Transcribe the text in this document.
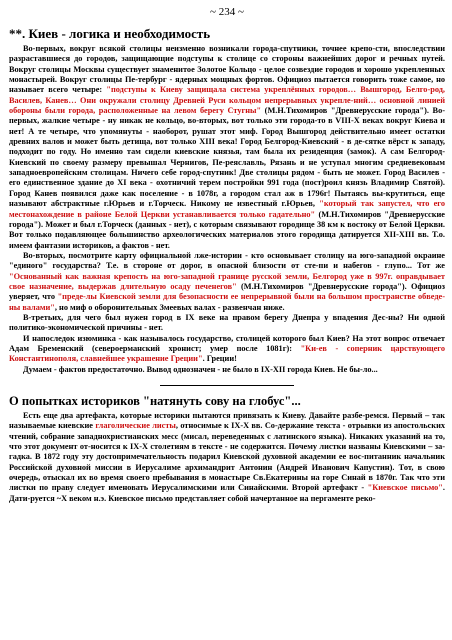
~ 234 ~
**. Киев - логика и необходимость

Во-первых, вокруг всякой столицы неизменно возникали города-спутники, точнее крепо-сти, впоследствии разраставшиеся до городов, защищающие подступы к столице со стороны важнейших дорог и речных путей. Вокруг столицы Москвы существует знаменитое Золотое Кольцо - целое созвездие городов и хорошо укрепленных монастырей. Вокруг столицы Пе-тербург - ядерных мощных фортов. Официоз пытается говорить тоже самое, но называет всего четыре: "подступы к Киеву защищала система укреплённых городов… Вышгород, Белго-род, Василев, Канев… Они окружали столицу Древней Руси кольцом непрерывных укрепле-ний… основной линией обороны были города, расположенные на левом берегу Стугны" (М.Н.Тихомиров "Древнерусские города"). Во-первых, жалкие четыре - ну никак не кольцо, во-вторых, вот только эти города-то в VIII-X веках вокруг Киева и нет! А те четыре, что упомянуты - наоборот, рушат этот миф. Город Вышгород действительно имеет остатки древних валов и может быть детища, вот только XIII века! Город Белгород-Киевский - в де-сятке вёрст к западу, подходит по году. Но именно там сидели киевские князья, там была их резиденция (замок). А сам Белгород-Киевский по своему размеру превышал Чернигов, Пе-реяславль, Рязань и не уступал многим средневековым западноевропейским столицам. Ничего себе город-спутник! Две столицы рядом - быть не может. Город Василев - его единственное здание до XI века - охотничий терем постройки 991 года (пост)роил князь Владимир Святой). Город Канев появился даже как поселение - в 1078г, а городом стал аж в 1796г! Пытаясь вы-крутиться, еще называют абстрактные г.Юрьев и г.Торческ. Никому не известный г.Юрьев, "который так запустел, что его местонахождение в районе Белой Церкви устанавливается только гадательно" (М.Н.Тихомиров "Древнерусские города"). Может и был г.Торческ (данных - нет), с которым связывают городище 38 км к востоку от Белой Церкви. Вот только подавляющее большинство археологических материалов этого городища датируется XII-XIII вв. Т.о. имеем фантазии историков, а фактов - нет.

Во-вторых, посмотрите карту официальной лже-истории - кто основывает столицу на юго-западной окраине "единого" государства? Т.е. в стороне от дорог, в опасной близости от сте-пи и набегов - глупо... Тот же "Основанный как важная крепость на юго-западной границе русской земли, Белгород уже в 997г. оправдывает свое назначение, выдержав длительную осаду печенегов" (М.Н.Тихомиров "Древнерусские города"). Официоз уверяет, что "преде-лы Киевской земли для безопасности ее непрерывной были на большом пространстве обведе-ны валами", но миф о оборонительных Змеевых валах - развенчан ниже.

В-третьих, для чего был нужен город в IX веке на правом берегу Днепра у впадения Дес-ны? Ни одной политико-экономической причины - нет.

И напоследок изюминка - как называлось государство, столицей которого был Киев? На этот вопрос отвечает Адам Бременский (североерманский хронист; умер после 1081г): "Ки-ев - соперник царствующего Константинополя, славнейшее украшение Греции". Греции!

Думаем - фактов предостаточно. Вывод однозначен - не было в IX-XII города Киев. Не бы-ло...

О попытках историков "натянуть сову на глобус"...

Есть еще два артефакта, которые историки пытаются привязать к Киеву. Давайте разбе-ремся. Первый – так называемые киевские глаголические листы, относимые к IX-X вв. Со-держание текста - отрывки из апостольских чтений, собрание западнохристианских месс (мисал, переведенных с латинского языка). Никаких указаний на то, что этот документ от-носится к IX-X столетиям в тексте - не содержится. Почему листки названы Киевскими – за-гадка. В 1872 году эту достопримечательность подарил Киевской духовной академии ее вос-питанник начальник Российской духовной миссии в Иерусалиме архимандрит Антонин (Андрей Иванович Капустин). Тот, в свою очередь, отыскал их во время своего пребывания в монастыре Св.Екатерины на горе Синай в 1870г. Так что эти листки по праву следует именовать Иерусалимскими или Синайскими. Второй артефакт - "Киевское письмо". Дати-руется ~X веком н.э. Киевское письмо представляет собой начертанное на пергаменте реко-
